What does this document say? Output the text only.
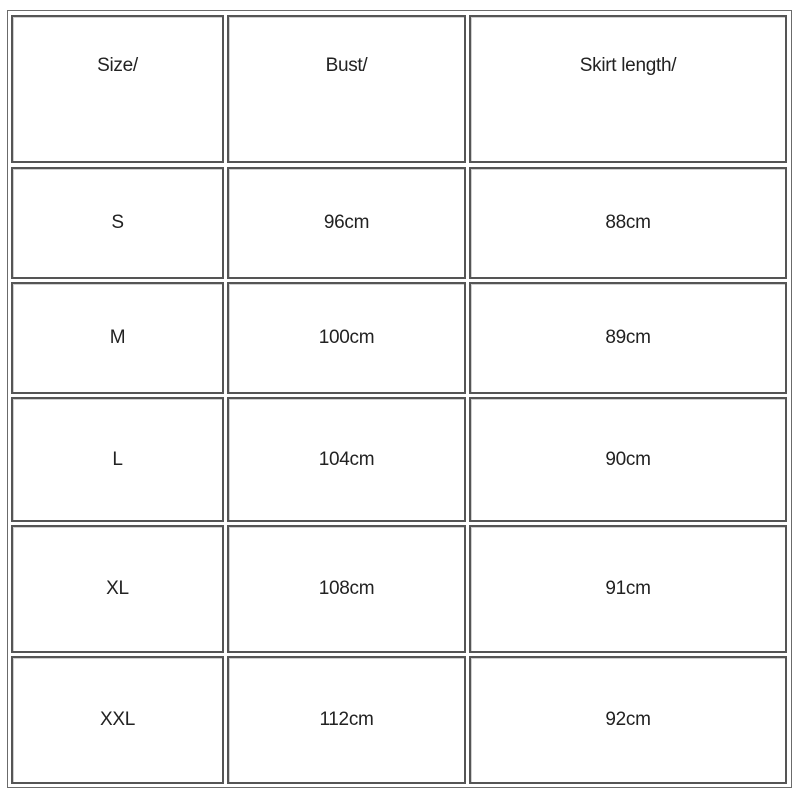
Size/	Bust/	Skirt length/
S	96cm	88cm
M	100cm	89cm
L	104cm	90cm
XL	108cm	91cm
XXL	112cm	92cm
